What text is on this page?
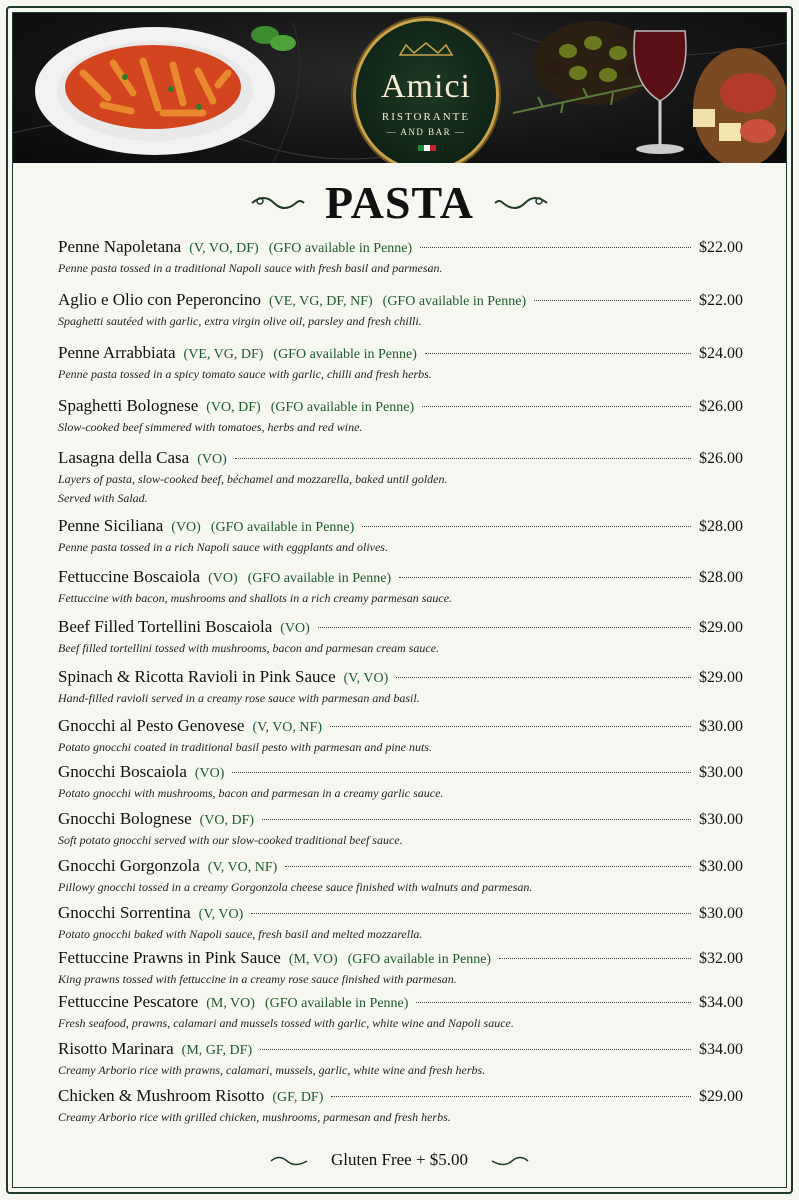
Amici
RISTORANTE
— AND BAR —
PASTA
Penne Napoletana (V, VO, DF) (GFO available in Penne)	$22.00
Penne pasta tossed in a traditional Napoli sauce with fresh basil and parmesan.
Aglio e Olio con Peperoncino (VE, VG, DF, NF) (GFO available in Penne)	$22.00
Spaghetti sautéed with garlic, extra virgin olive oil, parsley and fresh chilli.
Penne Arrabbiata (VE, VG, DF) (GFO available in Penne)	$24.00
Penne pasta tossed in a spicy tomato sauce with garlic, chilli and fresh herbs.
Spaghetti Bolognese (VO, DF) (GFO available in Penne)	$26.00
Slow-cooked beef simmered with tomatoes, herbs and red wine.
Lasagna della Casa (VO)	$26.00
Layers of pasta, slow-cooked beef, béchamel and mozzarella, baked until golden.
Served with Salad.
Penne Siciliana (VO) (GFO available in Penne)	$28.00
Penne pasta tossed in a rich Napoli sauce with eggplants and olives.
Fettuccine Boscaiola (VO) (GFO available in Penne)	$28.00
Fettuccine with bacon, mushrooms and shallots in a rich creamy parmesan sauce.
Beef Filled Tortellini Boscaiola (VO)	$29.00
Beef filled tortellini tossed with mushrooms, bacon and parmesan cream sauce.
Spinach & Ricotta Ravioli in Pink Sauce (V, VO)	$29.00
Hand-filled ravioli served in a creamy rose sauce with parmesan and basil.
Gnocchi al Pesto Genovese (V, VO, NF)	$30.00
Potato gnocchi coated in traditional basil pesto with parmesan and pine nuts.
Gnocchi Boscaiola (VO)	$30.00
Potato gnocchi with mushrooms, bacon and parmesan in a creamy garlic sauce.
Gnocchi Bolognese (VO, DF)	$30.00
Soft potato gnocchi served with our slow-cooked traditional beef sauce.
Gnocchi Gorgonzola (V, VO, NF)	$30.00
Pillowy gnocchi tossed in a creamy Gorgonzola cheese sauce finished with walnuts and parmesan.
Gnocchi Sorrentina (V, VO)	$30.00
Potato gnocchi baked with Napoli sauce, fresh basil and melted mozzarella.
Fettuccine Prawns in Pink Sauce (M, VO) (GFO available in Penne)	$32.00
King prawns tossed with fettuccine in a creamy rose sauce finished with parmesan.
Fettuccine Pescatore (M, VO) (GFO available in Penne)	$34.00
Fresh seafood, prawns, calamari and mussels tossed with garlic, white wine and Napoli sauce.
Risotto Marinara (M, GF, DF)	$34.00
Creamy Arborio rice with prawns, calamari, mussels, garlic, white wine and fresh herbs.
Chicken & Mushroom Risotto (GF, DF)	$29.00
Creamy Arborio rice with grilled chicken, mushrooms, parmesan and fresh herbs.
Gluten Free + $5.00
